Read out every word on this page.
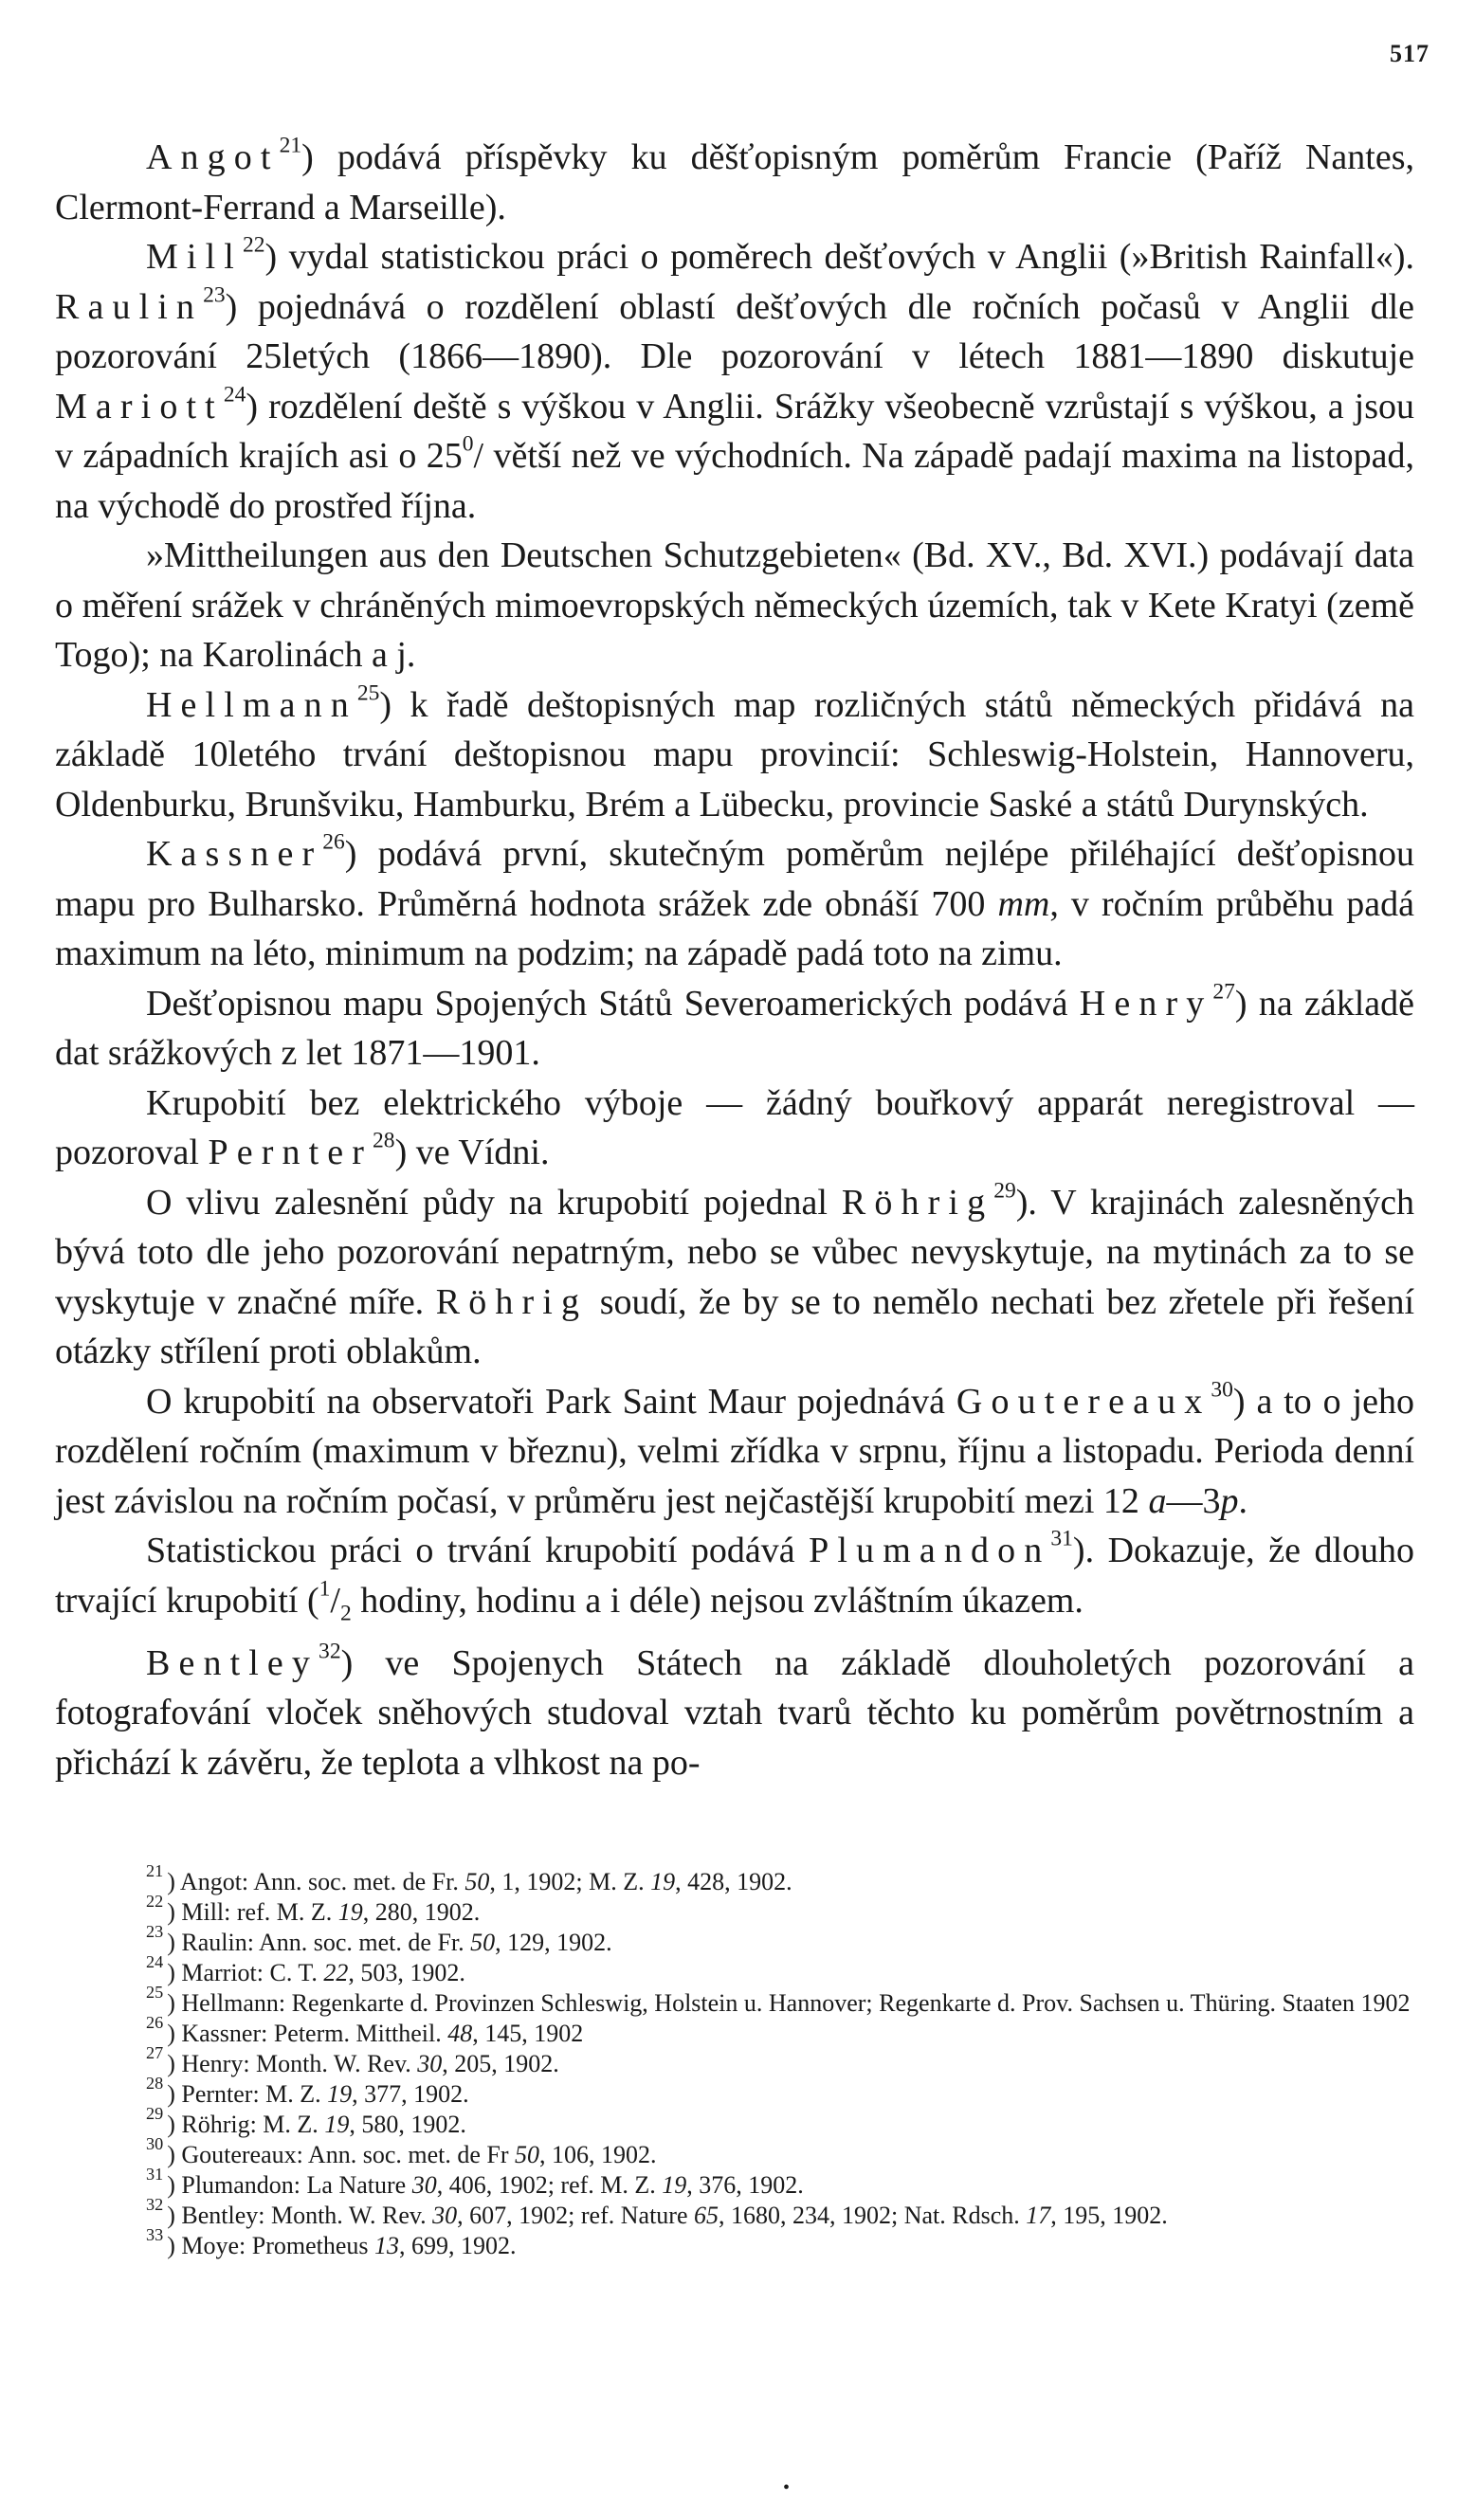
517

Angot$^{21}$) podává příspěvky ku děšťopisným poměrům Francie (Paříž Nantes, Clermont-Ferrand a Marseille).

Mill$^{22}$) vydal statistickou práci o poměrech dešťových v Anglii (»British Rainfall«). Raulin$^{23}$) pojednává o rozdělení oblastí dešťových dle ročních počasů v Anglii dle pozorování 25letých (1866—1890). Dle pozorování v létech 1881—1890 diskutuje Mariott$^{24}$) rozdělení deště s výškou v Anglii. Srážky všeobecně vzrůstají s výškou, a jsou v západních krajích asi o $25^0/$ větší než ve východních. Na západě padají maxima na listopad, na východě do prostřed října.

»Mittheilungen aus den Deutschen Schutzgebieten« (Bd. XV., Bd. XVI.) podávají data o měření srážek v chráněných mimoevropských německých územích, tak v Kete Kratyi (země Togo); na Karolinách a j.

Hellmann$^{25}$) k řadě deštopisných map rozličných států německých přidává na základě 10letého trvání deštopisnou mapu provincií: Schleswig-Holstein, Hannoveru, Oldenburku, Brunšviku, Hamburku, Brém a Lübecku, provincie Saské a států Durynských.

Kassner$^{26}$) podává první, skutečným poměrům nejlépe přiléhající dešťopisnou mapu pro Bulharsko. Průměrná hodnota srážek zde obnáší 700 mm, v ročním průběhu padá maximum na léto, minimum na podzim; na západě padá toto na zimu.

Dešťopisnou mapu Spojených Států Severoamerických podává Henry$^{27}$) na základě dat srážkových z let 1871—1901.

Krupobití bez elektrického výboje — žádný bouřkový apparát neregistroval — pozoroval Pernter$^{28}$) ve Vídni.

O vlivu zalesnění půdy na krupobití pojednal Röhrig$^{29}$). V krajinách zalesněných bývá toto dle jeho pozorování nepatrným, nebo se vůbec nevyskytuje, na mytinách za to se vyskytuje v značné míře. Röhrig soudí, že by se to nemělo nechati bez zřetele při řešení otázky střílení proti oblakům.

O krupobití na observatoři Park Saint Maur pojednává Goutereaux$^{30}$) a to o jeho rozdělení ročním (maximum v březnu), velmi zřídka v srpnu, říjnu a listopadu. Perioda denní jest závislou na ročním počasí, v průměru jest nejčastější krupobití mezi 12 a—3p.

Statistickou práci o trvání krupobití podává Plumandon$^{31}$). Dokazuje, že dlouho trvající krupobití ($^1/_2$ hodiny, hodinu a i déle) nejsou zvláštním úkazem.

Bentley$^{32}$) ve Spojenych Státech na základě dlouholetých pozorování a fotografování vloček sněhových studoval vztah tvarů těchto ku poměrům povětrnostním a přichází k závěru, že teplota a vlhkost na po-

$^{21}$ ) Angot: Ann. soc. met. de Fr. 50, 1, 1902; M. Z. 19, 428, 1902.
$^{22}$ ) Mill: ref. M. Z. 19, 280, 1902.
$^{23}$ ) Raulin: Ann. soc. met. de Fr. 50, 129, 1902.
$^{24}$ ) Marriot: C. T. 22, 503, 1902.
$^{25}$ ) Hellmann: Regenkarte d. Provinzen Schleswig, Holstein u. Hannover; Regenkarte d. Prov. Sachsen u. Thüring. Staaten 1902
$^{26}$ ) Kassner: Peterm. Mittheil. 48, 145, 1902
$^{27}$ ) Henry: Month. W. Rev. 30, 205, 1902.
$^{28}$ ) Pernter: M. Z. 19, 377, 1902.
$^{29}$ ) Röhrig: M. Z. 19, 580, 1902.
$^{30}$ ) Goutereaux: Ann. soc. met. de Fr 50, 106, 1902.
$^{31}$ ) Plumandon: La Nature 30, 406, 1902; ref. M. Z. 19, 376, 1902.
$^{32}$ ) Bentley: Month. W. Rev. 30, 607, 1902; ref. Nature 65, 1680, 234, 1902; Nat. Rdsch. 17, 195, 1902.
$^{33}$ ) Moye: Prometheus 13, 699, 1902.
•
